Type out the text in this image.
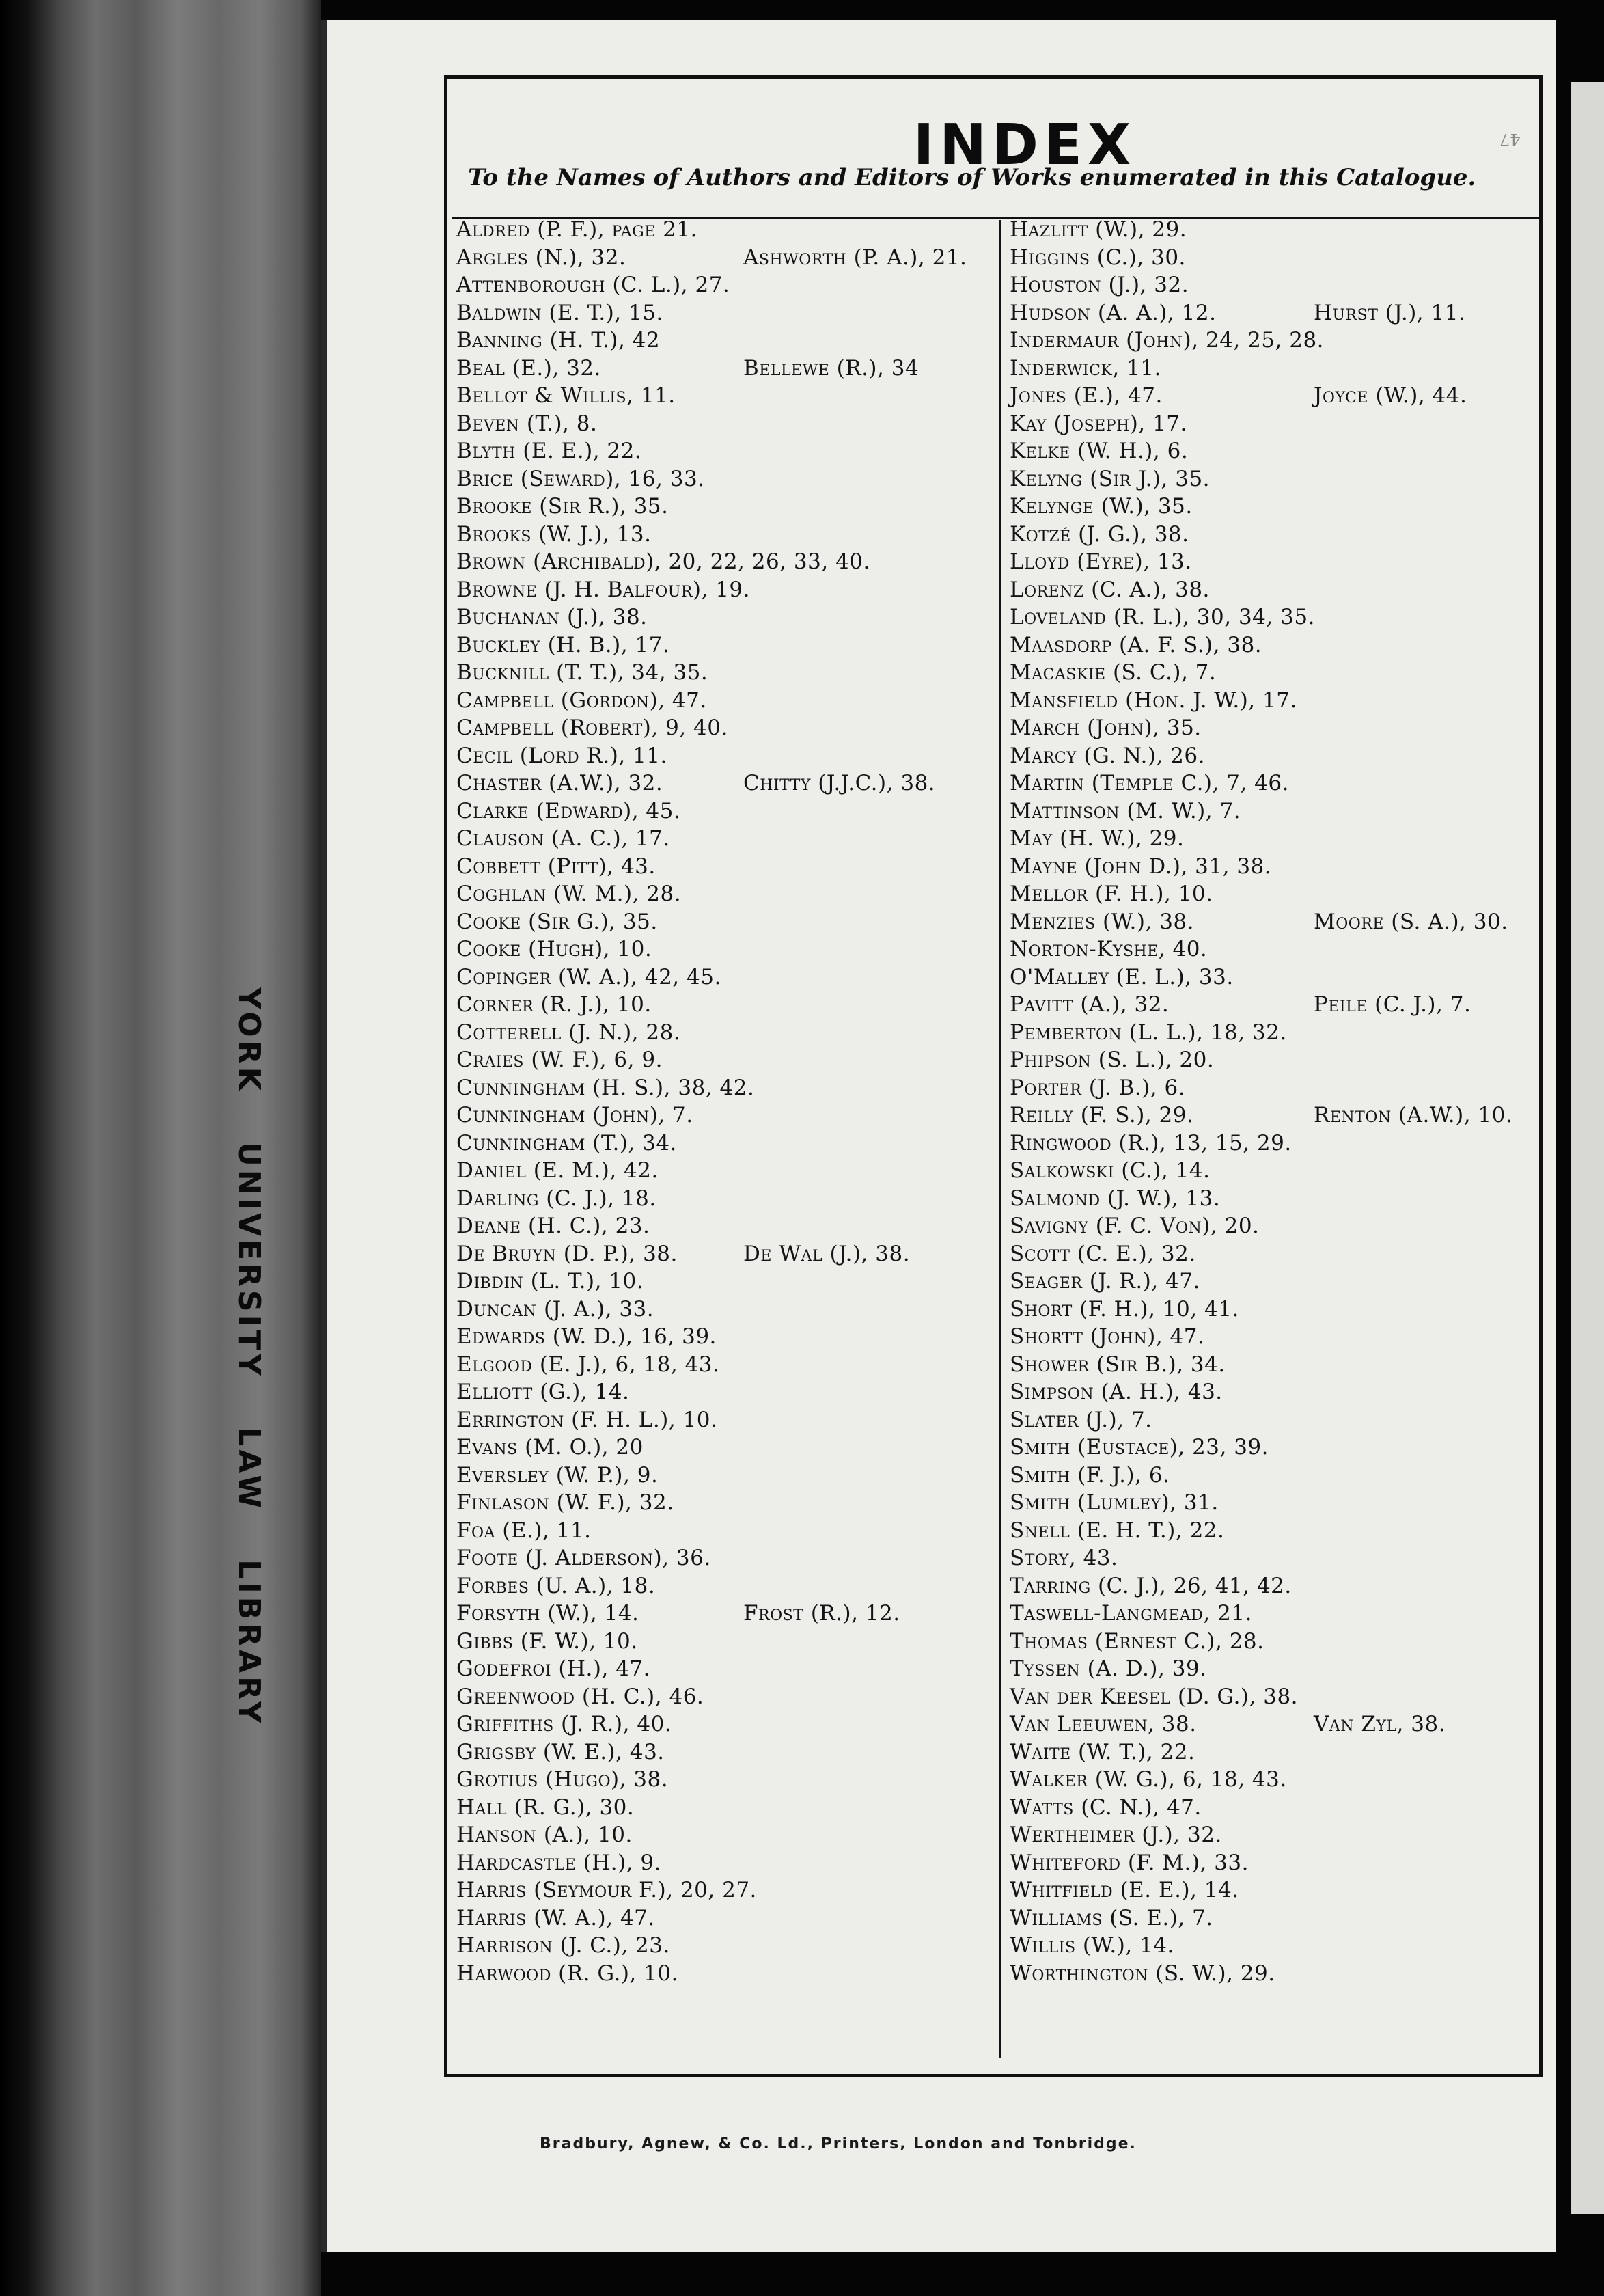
YORK UNIVERSITY LAW LIBRARY
47
INDEX
To the Names of Authors and Editors of Works enumerated in this Catalogue.
Aldred (P. F.), page 21.
Argles (N.), 32.	Ashworth (P. A.), 21.
Attenborough (C. L.), 27.
Baldwin (E. T.), 15.
Banning (H. T.), 42
Beal (E.), 32.	Bellewe (R.), 34
Bellot & Willis, 11.
Beven (T.), 8.
Blyth (E. E.), 22.
Brice (Seward), 16, 33.
Brooke (Sir R.), 35.
Brooks (W. J.), 13.
Brown (Archibald), 20, 22, 26, 33, 40.
Browne (J. H. Balfour), 19.
Buchanan (J.), 38.
Buckley (H. B.), 17.
Bucknill (T. T.), 34, 35.
Campbell (Gordon), 47.
Campbell (Robert), 9, 40.
Cecil (Lord R.), 11.
Chaster (A.W.), 32.	Chitty (J.J.C.), 38.
Clarke (Edward), 45.
Clauson (A. C.), 17.
Cobbett (Pitt), 43.
Coghlan (W. M.), 28.
Cooke (Sir G.), 35.
Cooke (Hugh), 10.
Copinger (W. A.), 42, 45.
Corner (R. J.), 10.
Cotterell (J. N.), 28.
Craies (W. F.), 6, 9.
Cunningham (H. S.), 38, 42.
Cunningham (John), 7.
Cunningham (T.), 34.
Daniel (E. M.), 42.
Darling (C. J.), 18.
Deane (H. C.), 23.
De Bruyn (D. P.), 38.	De Wal (J.), 38.
Dibdin (L. T.), 10.
Duncan (J. A.), 33.
Edwards (W. D.), 16, 39.
Elgood (E. J.), 6, 18, 43.
Elliott (G.), 14.
Errington (F. H. L.), 10.
Evans (M. O.), 20
Eversley (W. P.), 9.
Finlason (W. F.), 32.
Foa (E.), 11.
Foote (J. Alderson), 36.
Forbes (U. A.), 18.
Forsyth (W.), 14.	Frost (R.), 12.
Gibbs (F. W.), 10.
Godefroi (H.), 47.
Greenwood (H. C.), 46.
Griffiths (J. R.), 40.
Grigsby (W. E.), 43.
Grotius (Hugo), 38.
Hall (R. G.), 30.
Hanson (A.), 10.
Hardcastle (H.), 9.
Harris (Seymour F.), 20, 27.
Harris (W. A.), 47.
Harrison (J. C.), 23.
Harwood (R. G.), 10.
Hazlitt (W.), 29.
Higgins (C.), 30.
Houston (J.), 32.
Hudson (A. A.), 12.	Hurst (J.), 11.
Indermaur (John), 24, 25, 28.
Inderwick, 11.
Jones (E.), 47.	Joyce (W.), 44.
Kay (Joseph), 17.
Kelke (W. H.), 6.
Kelyng (Sir J.), 35.
Kelynge (W.), 35.
Kotzé (J. G.), 38.
Lloyd (Eyre), 13.
Lorenz (C. A.), 38.
Loveland (R. L.), 30, 34, 35.
Maasdorp (A. F. S.), 38.
Macaskie (S. C.), 7.
Mansfield (Hon. J. W.), 17.
March (John), 35.
Marcy (G. N.), 26.
Martin (Temple C.), 7, 46.
Mattinson (M. W.), 7.
May (H. W.), 29.
Mayne (John D.), 31, 38.
Mellor (F. H.), 10.
Menzies (W.), 38.	Moore (S. A.), 30.
Norton-Kyshe, 40.
O'Malley (E. L.), 33.
Pavitt (A.), 32.	Peile (C. J.), 7.
Pemberton (L. L.), 18, 32.
Phipson (S. L.), 20.
Porter (J. B.), 6.
Reilly (F. S.), 29.	Renton (A.W.), 10.
Ringwood (R.), 13, 15, 29.
Salkowski (C.), 14.
Salmond (J. W.), 13.
Savigny (F. C. Von), 20.
Scott (C. E.), 32.
Seager (J. R.), 47.
Short (F. H.), 10, 41.
Shortt (John), 47.
Shower (Sir B.), 34.
Simpson (A. H.), 43.
Slater (J.), 7.
Smith (Eustace), 23, 39.
Smith (F. J.), 6.
Smith (Lumley), 31.
Snell (E. H. T.), 22.
Story, 43.
Tarring (C. J.), 26, 41, 42.
Taswell-Langmead, 21.
Thomas (Ernest C.), 28.
Tyssen (A. D.), 39.
Van der Keesel (D. G.), 38.
Van Leeuwen, 38.	Van Zyl, 38.
Waite (W. T.), 22.
Walker (W. G.), 6, 18, 43.
Watts (C. N.), 47.
Wertheimer (J.), 32.
Whiteford (F. M.), 33.
Whitfield (E. E.), 14.
Williams (S. E.), 7.
Willis (W.), 14.
Worthington (S. W.), 29.
Bradbury, Agnew, & Co. Ld., Printers, London and Tonbridge.
